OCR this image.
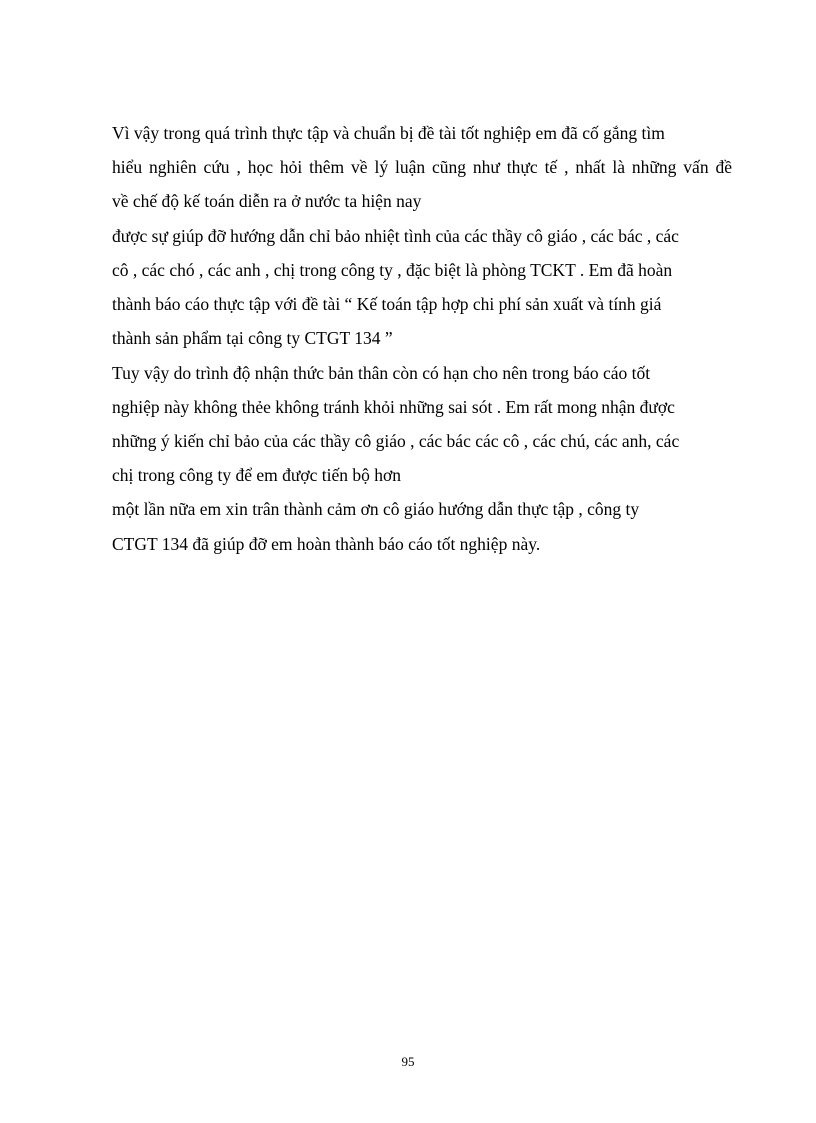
Vì vậy trong quá trình thực tập và chuẩn bị đề tài tốt nghiệp em đã cố gắng tìm
hiểu nghiên cứu , học hỏi thêm về lý luận cũng như thực tế , nhất là những vấn đề
về chế độ kế toán diễn ra ở nước ta hiện nay
được sự giúp đỡ hướng dẫn chỉ bảo nhiệt tình của các thầy cô giáo , các bác , các
cô , các chó , các anh , chị trong công ty , đặc biệt là phòng TCKT . Em đã hoàn
thành báo cáo thực tập với đề tài “ Kế toán tập hợp chi phí sản xuất và tính giá
thành sản phẩm tại công ty CTGT 134 ”
Tuy vậy do trình độ nhận thức bản thân còn có hạn cho nên trong báo cáo tốt
nghiệp này không thẻe không tránh khỏi những sai sót . Em rất mong nhận được
những ý kiến chỉ bảo của các thầy cô giáo , các bác các cô , các chú, các anh, các
chị trong công ty để em được tiến bộ hơn
một lần nữa em xin trân thành cảm ơn cô giáo hướng dẫn thực tập , công ty
CTGT 134 đã giúp đỡ em hoàn thành báo cáo tốt nghiệp này.
95
